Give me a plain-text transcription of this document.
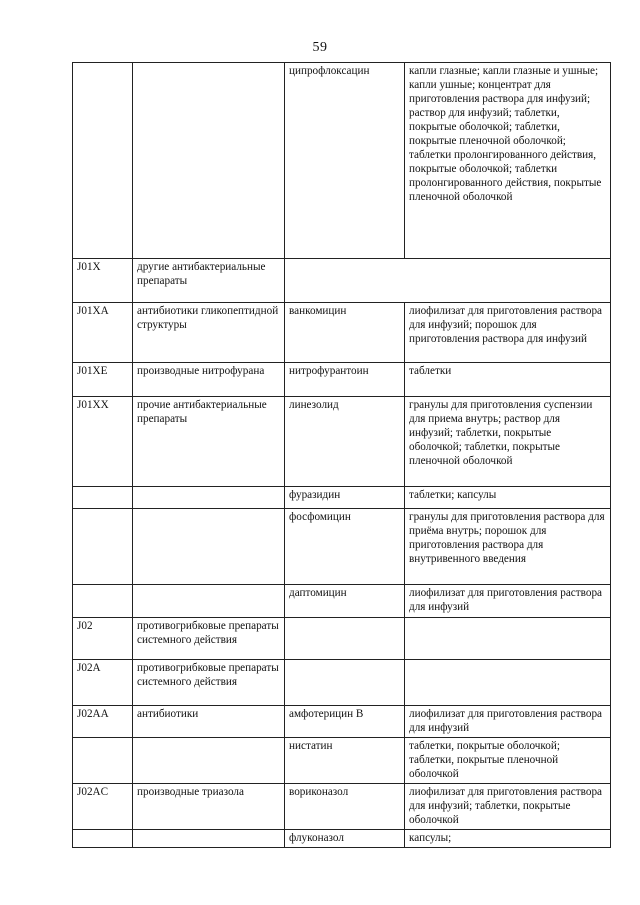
59
		ципрофлоксацин	капли глазные; капли глазные и ушные; капли ушные; концентрат для приготовления раствора для инфузий; раствор для инфузий; таблетки, покрытые оболочкой; таблетки, покрытые пленочной оболочкой; таблетки пролонгированного действия, покрытые оболочкой; таблетки пролонгированного действия, покрытые пленочной оболочкой
J01X	другие антибактериальные препараты		
J01XA	антибиотики гликопептидной структуры	ванкомицин	лиофилизат для приготовления раствора для инфузий; порошок для приготовления раствора для инфузий
J01XE	производные нитрофурана	нитрофурантоин	таблетки
J01XX	прочие антибактериальные препараты	линезолид	гранулы для приготовления суспензии для приема внутрь; раствор для инфузий; таблетки, покрытые оболочкой; таблетки, покрытые пленочной оболочкой
		фуразидин	таблетки; капсулы
		фосфомицин	гранулы для приготовления раствора для приёма внутрь; порошок для приготовления раствора для внутривенного введения
		даптомицин	лиофилизат для приготовления раствора для инфузий
J02	противогрибковые препараты системного действия		
J02A	противогрибковые препараты системного действия		
J02AA	антибиотики	амфотерицин В	лиофилизат для приготовления раствора для инфузий
		нистатин	таблетки, покрытые оболочкой; таблетки, покрытые пленочной оболочкой
J02AC	производные триазола	вориконазол	лиофилизат для приготовления раствора для инфузий; таблетки, покрытые оболочкой
		флуконазол	капсулы;
